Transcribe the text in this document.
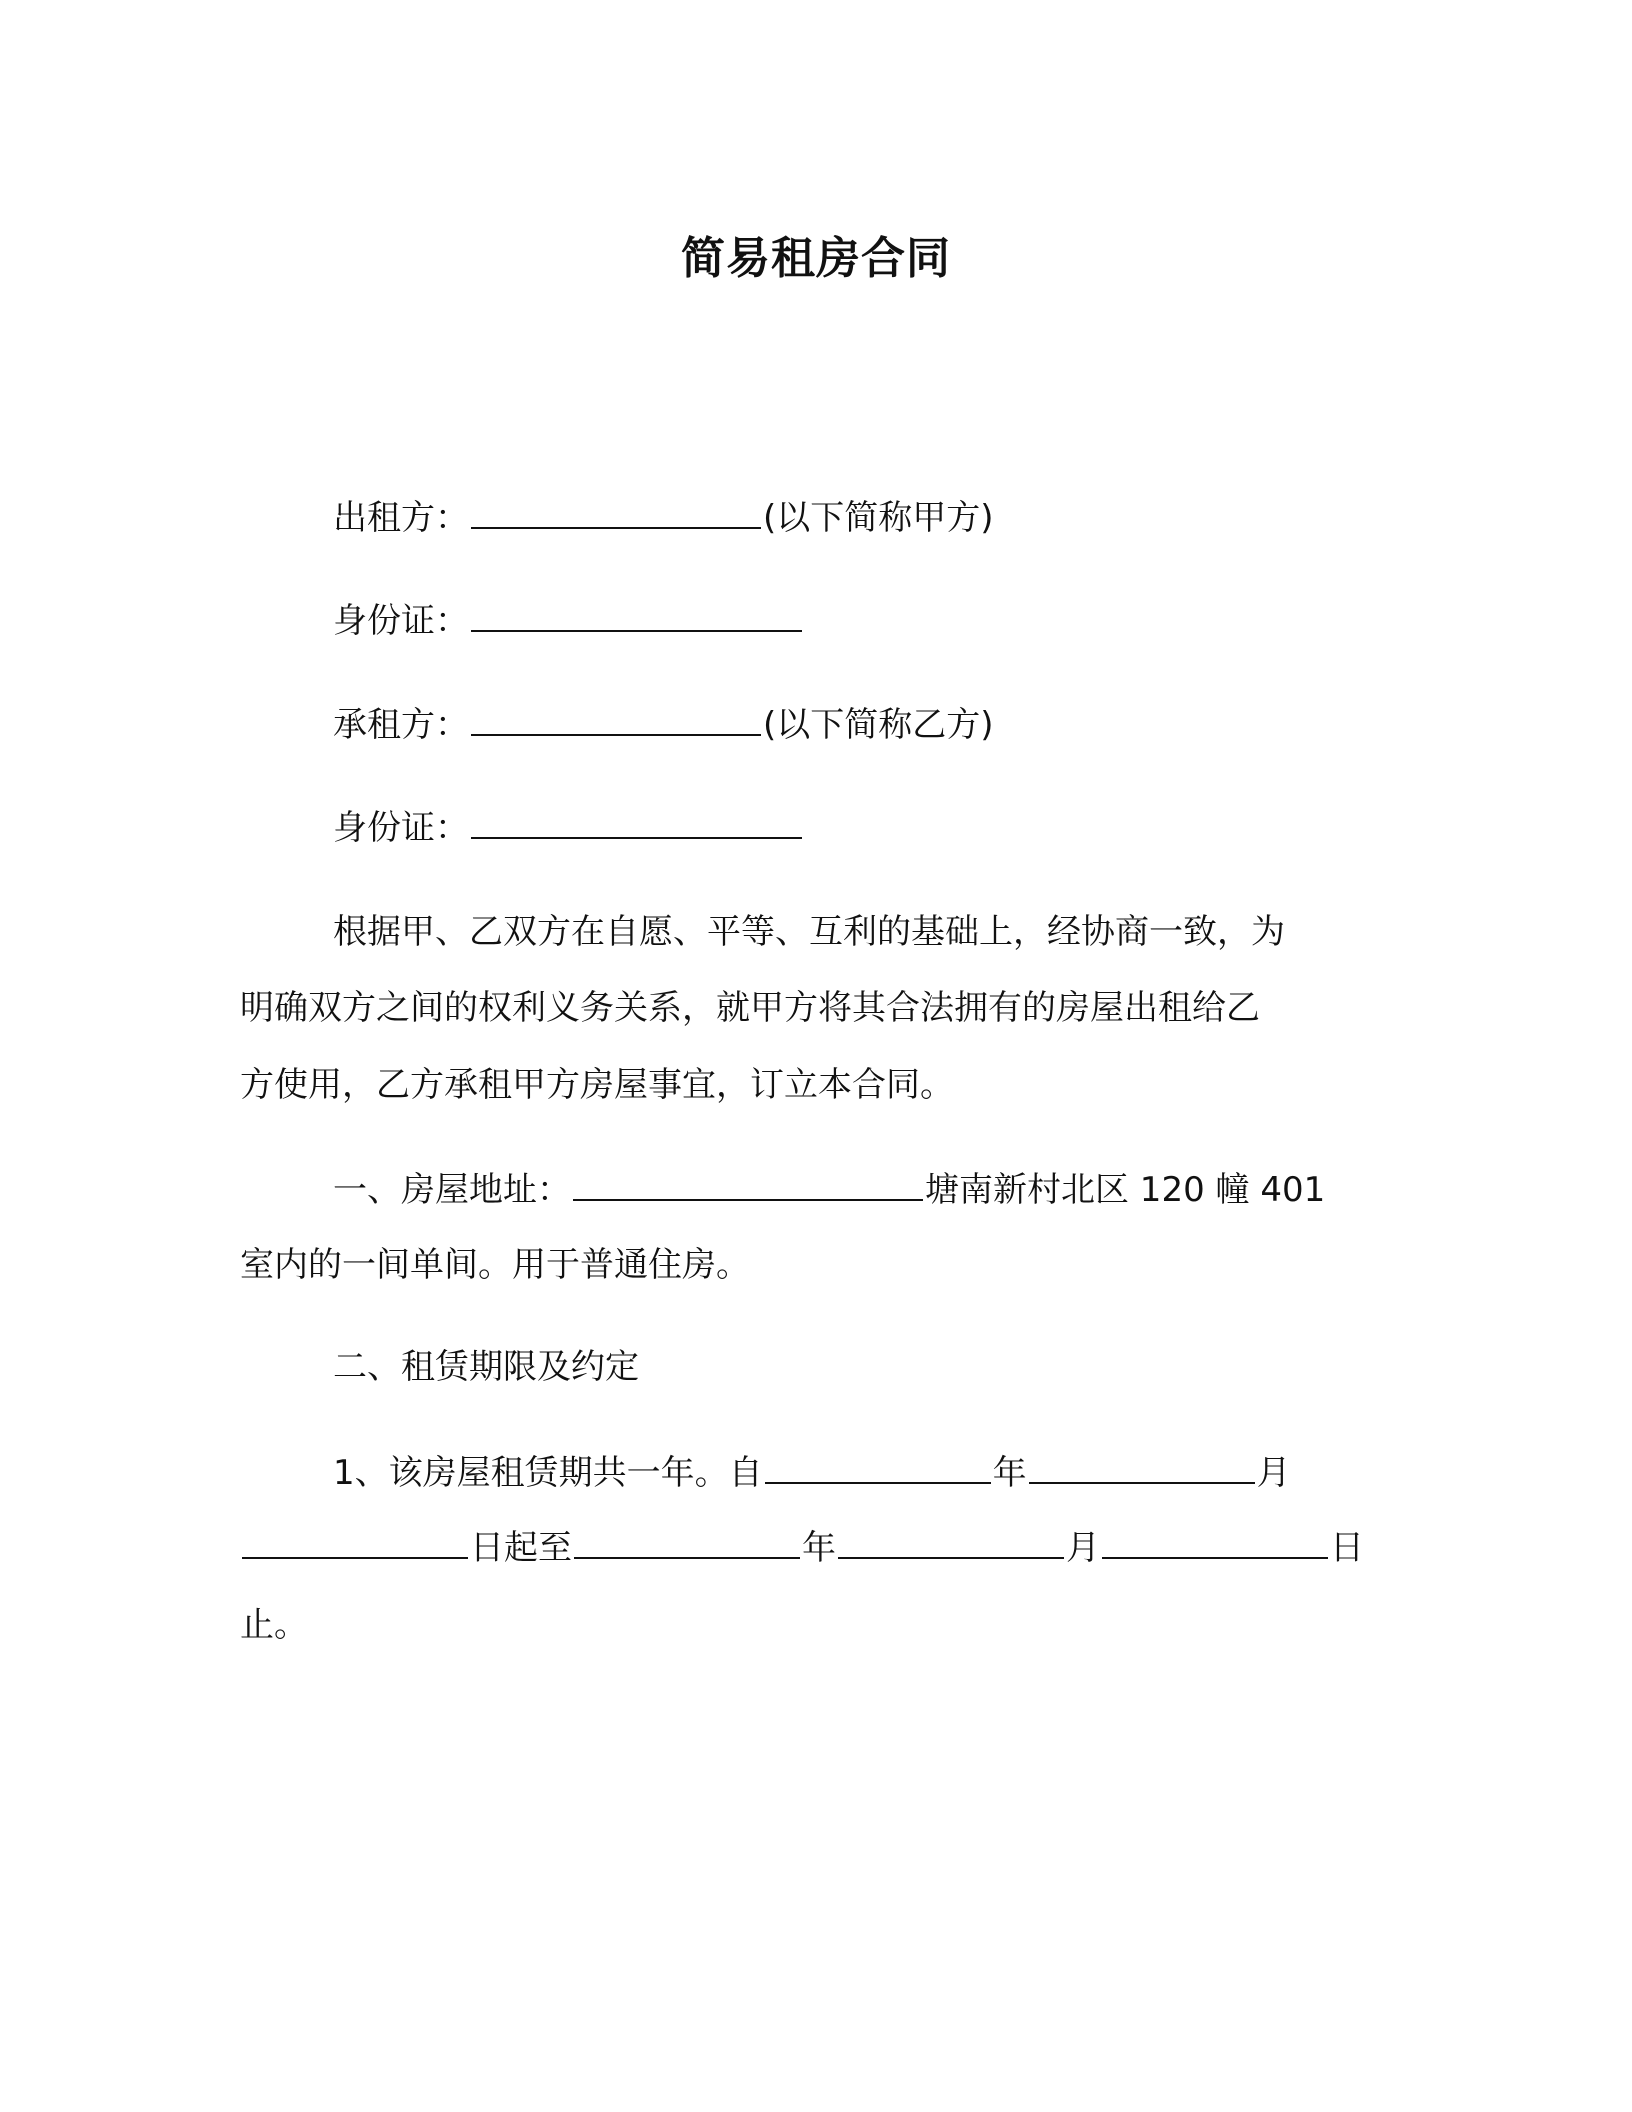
简易租房合同
出租方：	(以下简称甲方)
身份证：
承租方：	(以下简称乙方)
身份证：
根据甲、乙双方在自愿、平等、互利的基础上，经协商一致，为
明确双方之间的权利义务关系，就甲方将其合法拥有的房屋出租给乙
方使用，乙方承租甲方房屋事宜，订立本合同。
一、房屋地址：	塘南新村北区 120 幢 401
室内的一间单间。用于普通住房。
二、租赁期限及约定
1、该房屋租赁期共一年。自	年	月
日起至	年	月	日
止。
